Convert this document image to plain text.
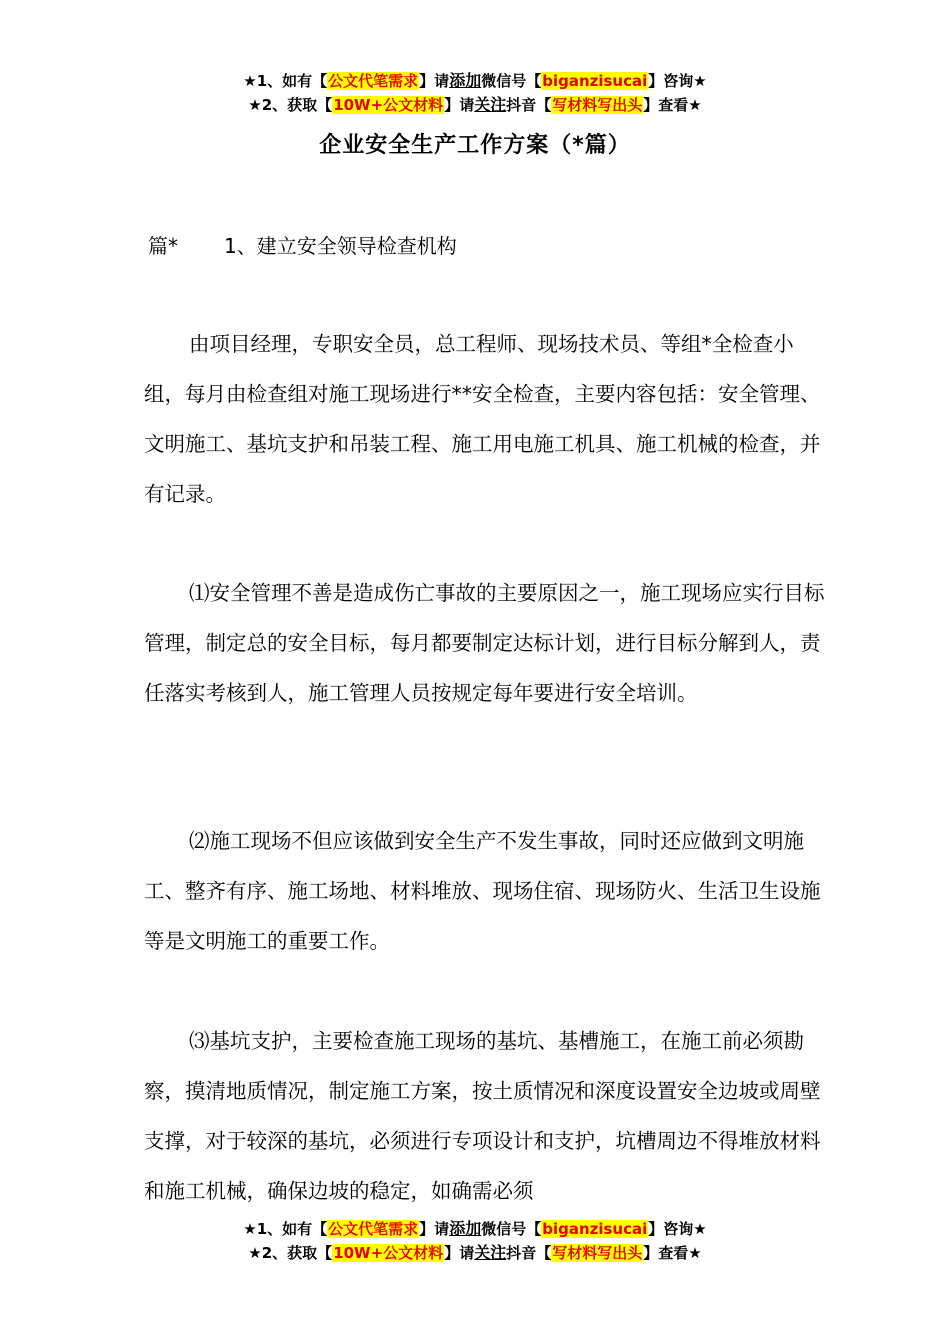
★1、如有【公文代笔需求】请添加微信号【biganzisucai】咨询★
★2、获取【10W+公文材料】请关注抖音【写材料写出头】查看★
企业安全生产工作方案（*篇）
篇* 1、建立安全领导检查机构

由项目经理，专职安全员，总工程师、现场技术员、等组*全检查小组，每月由检查组对施工现场进行**安全检查，主要内容包括：安全管理、文明施工、基坑支护和吊装工程、施工用电施工机具、施工机械的检查，并有记录。

⑴安全管理不善是造成伤亡事故的主要原因之一，施工现场应实行目标管理，制定总的安全目标，每月都要制定达标计划，进行目标分解到人，责任落实考核到人，施工管理人员按规定每年要进行安全培训。

⑵施工现场不但应该做到安全生产不发生事故，同时还应做到文明施工、整齐有序、施工场地、材料堆放、现场住宿、现场防火、生活卫生设施等是文明施工的重要工作。

⑶基坑支护，主要检查施工现场的基坑、基槽施工，在施工前必须勘察，摸清地质情况，制定施工方案，按土质情况和深度设置安全边坡或周壁支撑，对于较深的基坑，必须进行专项设计和支护，坑槽周边不得堆放材料和施工机械，确保边坡的稳定，如确需必须

★1、如有【公文代笔需求】请添加微信号【biganzisucai】咨询★
★2、获取【10W+公文材料】请关注抖音【写材料写出头】查看★
